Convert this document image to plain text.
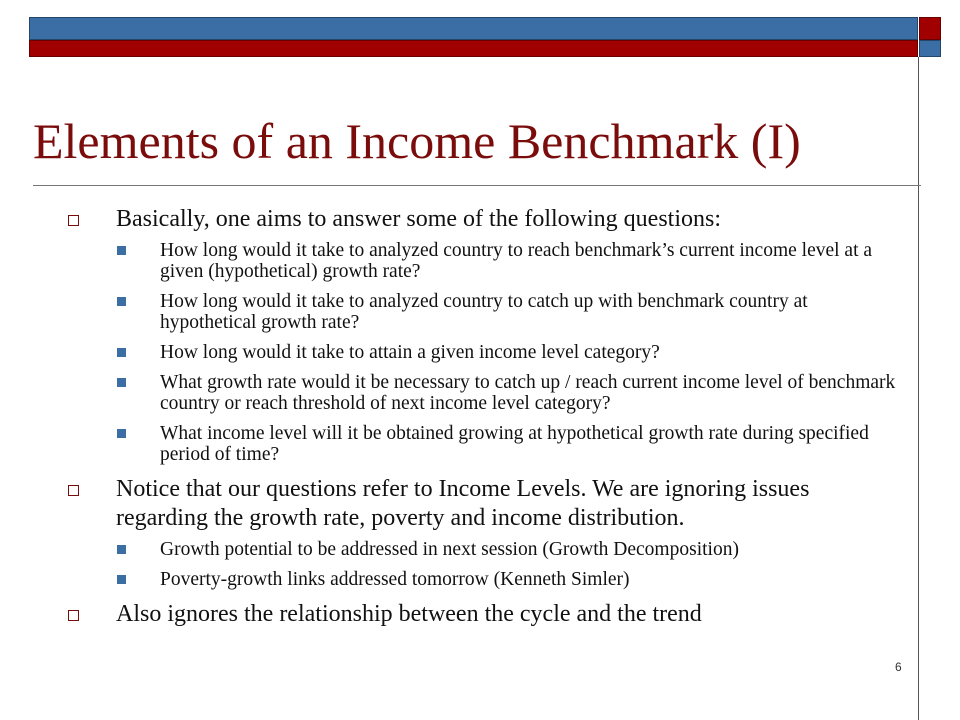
Elements of an Income Benchmark (I)
Basically, one aims to answer some of the following questions:
How long would it take to analyzed country to reach benchmark’s current income level at a given (hypothetical) growth rate?
How long would it take to analyzed country to catch up with benchmark country at hypothetical growth rate?
How long would it take to attain a given income level category?
What growth rate would it be necessary to catch up / reach current income level of benchmark country or reach threshold of next income level category?
What income level will it be obtained growing at hypothetical growth rate during specified period of time?
Notice that our questions refer to Income Levels. We are ignoring issues regarding the growth rate, poverty and income distribution.
Growth potential to be addressed in next session (Growth Decomposition)
Poverty-growth links addressed tomorrow (Kenneth Simler)
Also ignores the relationship between the cycle and the trend
6
